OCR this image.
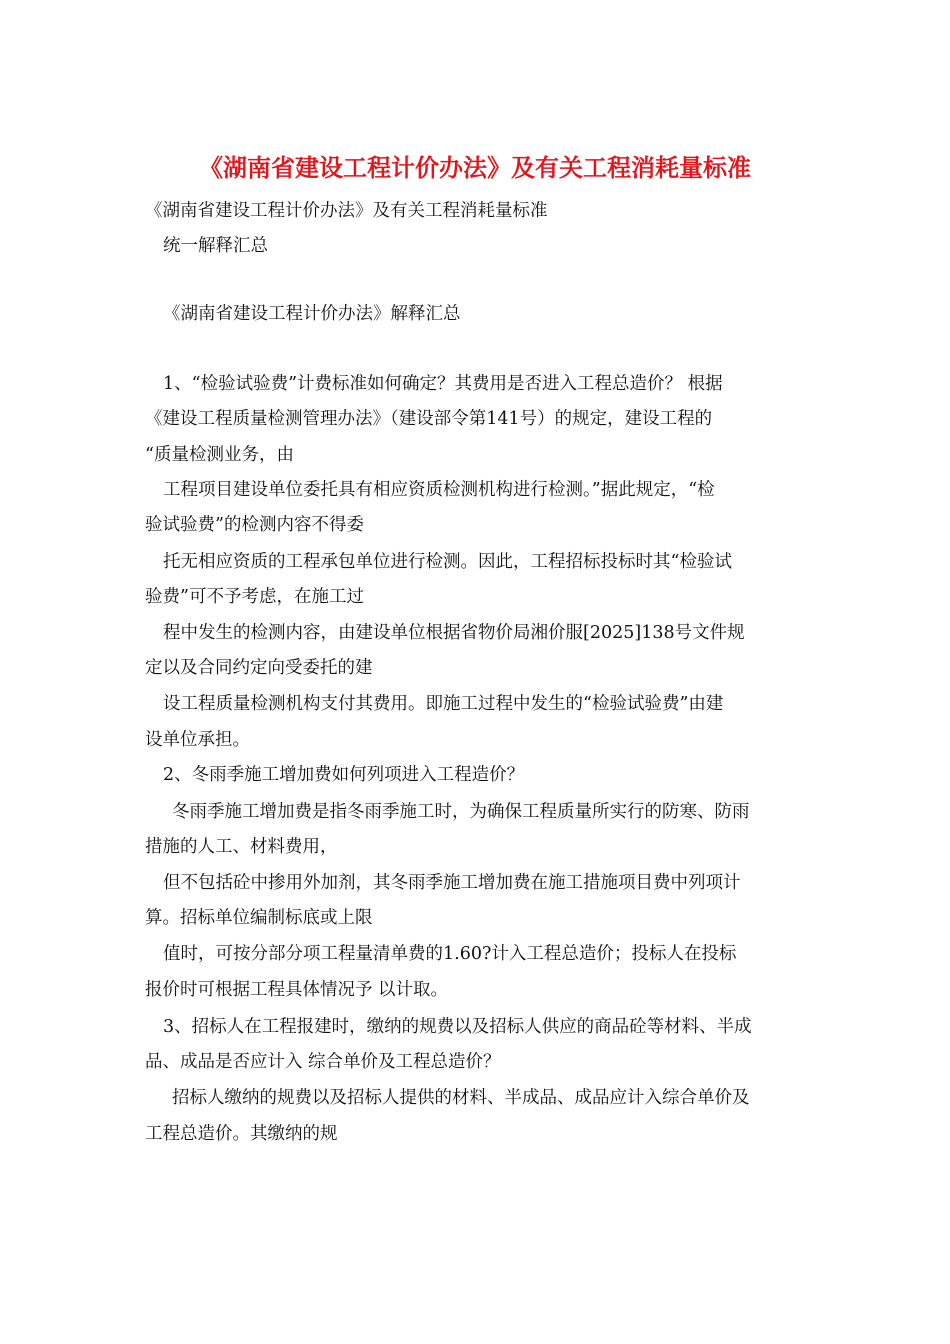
《湖南省建设工程计价办法》及有关工程消耗量标准
《湖南省建设工程计价办法》及有关工程消耗量标准
统一解释汇总
《湖南省建设工程计价办法》解释汇总
1、“检验试验费”计费标准如何确定？其费用是否进入工程总造价？ 根据
《建设工程质量检测管理办法》（建设部令第141号）的规定，建设工程的
“质量检测业务，由
工程项目建设单位委托具有相应资质检测机构进行检测。”据此规定，“检
验试验费”的检测内容不得委
托无相应资质的工程承包单位进行检测。因此，工程招标投标时其“检验试
验费”可不予考虑，在施工过
程中发生的检测内容，由建设单位根据省物价局湘价服[2025]138号文件规
定以及合同约定向受委托的建
设工程质量检测机构支付其费用。即施工过程中发生的“检验试验费”由建
设单位承担。
2、冬雨季施工增加费如何列项进入工程造价？
冬雨季施工增加费是指冬雨季施工时，为确保工程质量所实行的防寒、防雨
措施的人工、材料费用，
但不包括砼中掺用外加剂，其冬雨季施工增加费在施工措施项目费中列项计
算。招标单位编制标底或上限
值时，可按分部分项工程量清单费的1.60?计入工程总造价；投标人在投标
报价时可根据工程具体情况予 以计取。
3、招标人在工程报建时，缴纳的规费以及招标人供应的商品砼等材料、半成
品、成品是否应计入 综合单价及工程总造价？
招标人缴纳的规费以及招标人提供的材料、半成品、成品应计入综合单价及
工程总造价。其缴纳的规
